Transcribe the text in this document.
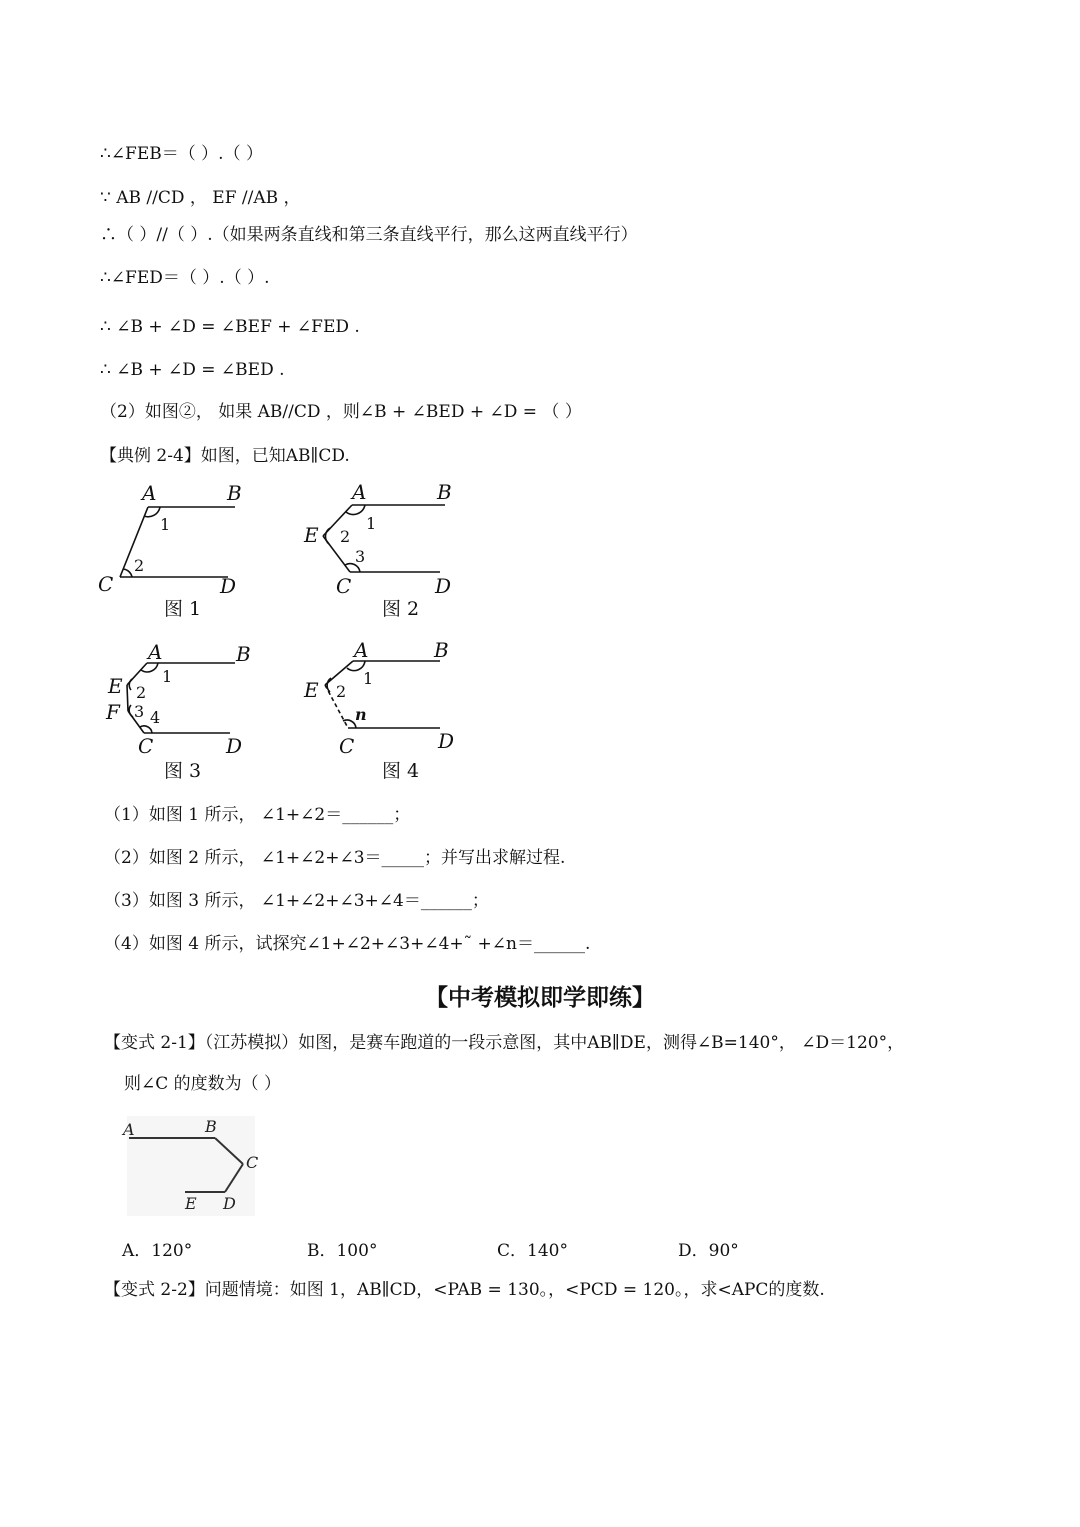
∴∠FEB＝（ ）.（ ）
∵ AB //CD ， EF //AB ，
∴（ ）//（ ）.（如果两条直线和第三条直线平行，那么这两直线平行）
∴∠FED＝（ ）.（ ）.
∴ ∠B + ∠D = ∠BEF + ∠FED .
∴ ∠B + ∠D = ∠BED .
（2）如图②， 如果 AB//CD ，则∠B + ∠BED + ∠D = （ ）
【典例 2-4】如图，已知AB∥CD.
A	B
C	D
1
2
图 1
A	B
E
C	D
1
2
3
图 2
A	B
E
F
C	D
1
2
3 4
图 3
A	B
E
C	D
1
2
n
图 4
（1）如图 1 所示， ∠1+∠2＝______；
（2）如图 2 所示， ∠1+∠2+∠3＝_____；并写出求解过程.
（3）如图 3 所示， ∠1+∠2+∠3+∠4＝______；
（4）如图 4 所示，试探究∠1+∠2+∠3+∠4+˜ +∠n＝______.
【中考模拟即学即练】
【变式 2-1】（江苏模拟）如图，是赛车跑道的一段示意图，其中AB∥DE，测得∠B=140°， ∠D＝120°，
则∠C 的度数为（ ）
A	B
C
D
E
A．120°	B．100°	C．140°	D．90°
【变式 2-2】问题情境：如图 1，AB∥CD，<PAB = 130。，<PCD = 120。，求<APC的度数.
